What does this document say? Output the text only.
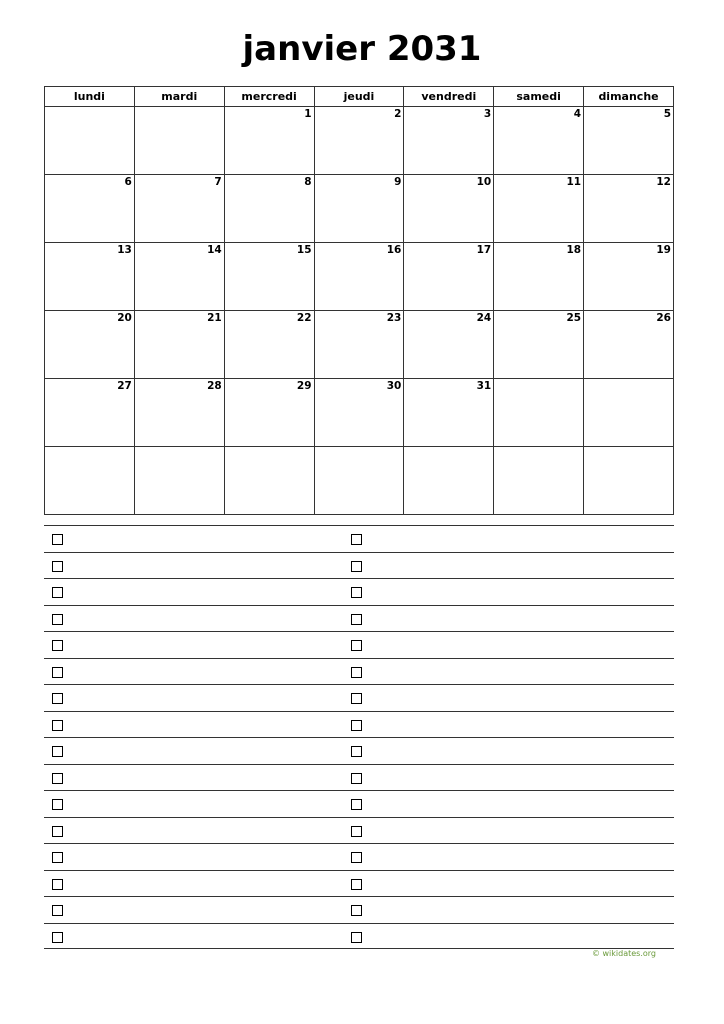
janvier 2031
lundi	mardi	mercredi	jeudi	vendredi	samedi	dimanche

		1	2	3	4	5

6	7	8	9	10	11	12

13	14	15	16	17	18	19

20	21	22	23	24	25	26

27	28	29	30	31		

© wikidates.org
